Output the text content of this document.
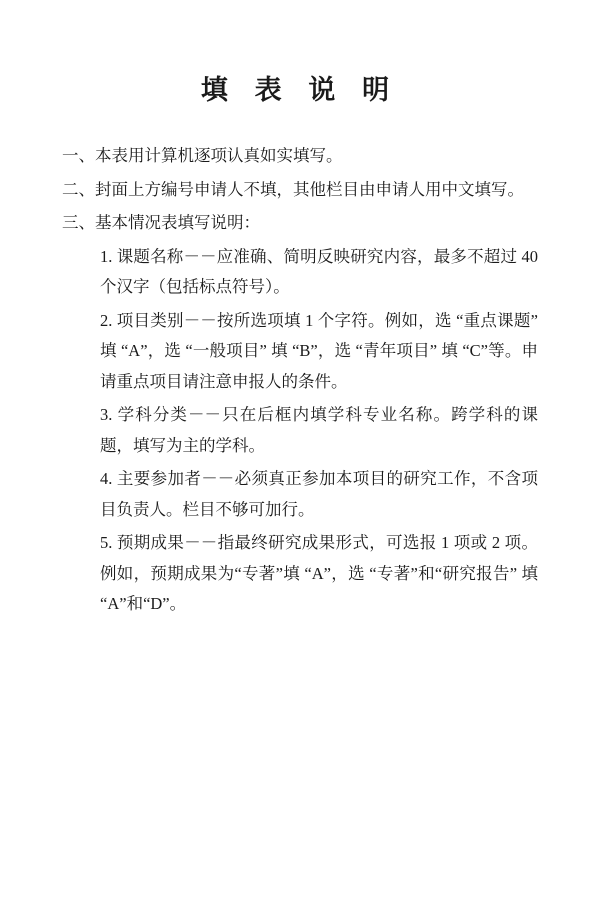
填 表 说 明

一、本表用计算机逐项认真如实填写。

二、封面上方编号申请人不填，其他栏目由申请人用中文填写。

三、基本情况表填写说明：

1. 课题名称－－应准确、简明反映研究内容，最多不超过 40 个汉字（包括标点符号）。

2. 项目类别－－按所选项填 1 个字符。例如，选 “重点课题” 填 “A”，选 “一般项目” 填 “B”，选 “青年项目” 填 “C”等。申请重点项目请注意申报人的条件。

3. 学科分类－－只在后框内填学科专业名称。跨学科的课题，填写为主的学科。

4. 主要参加者－－必须真正参加本项目的研究工作，不含项目负责人。栏目不够可加行。

5. 预期成果－－指最终研究成果形式，可选报 1 项或 2 项。例如，预期成果为“专著”填 “A”，选 “专著”和“研究报告” 填 “A”和“D”。
